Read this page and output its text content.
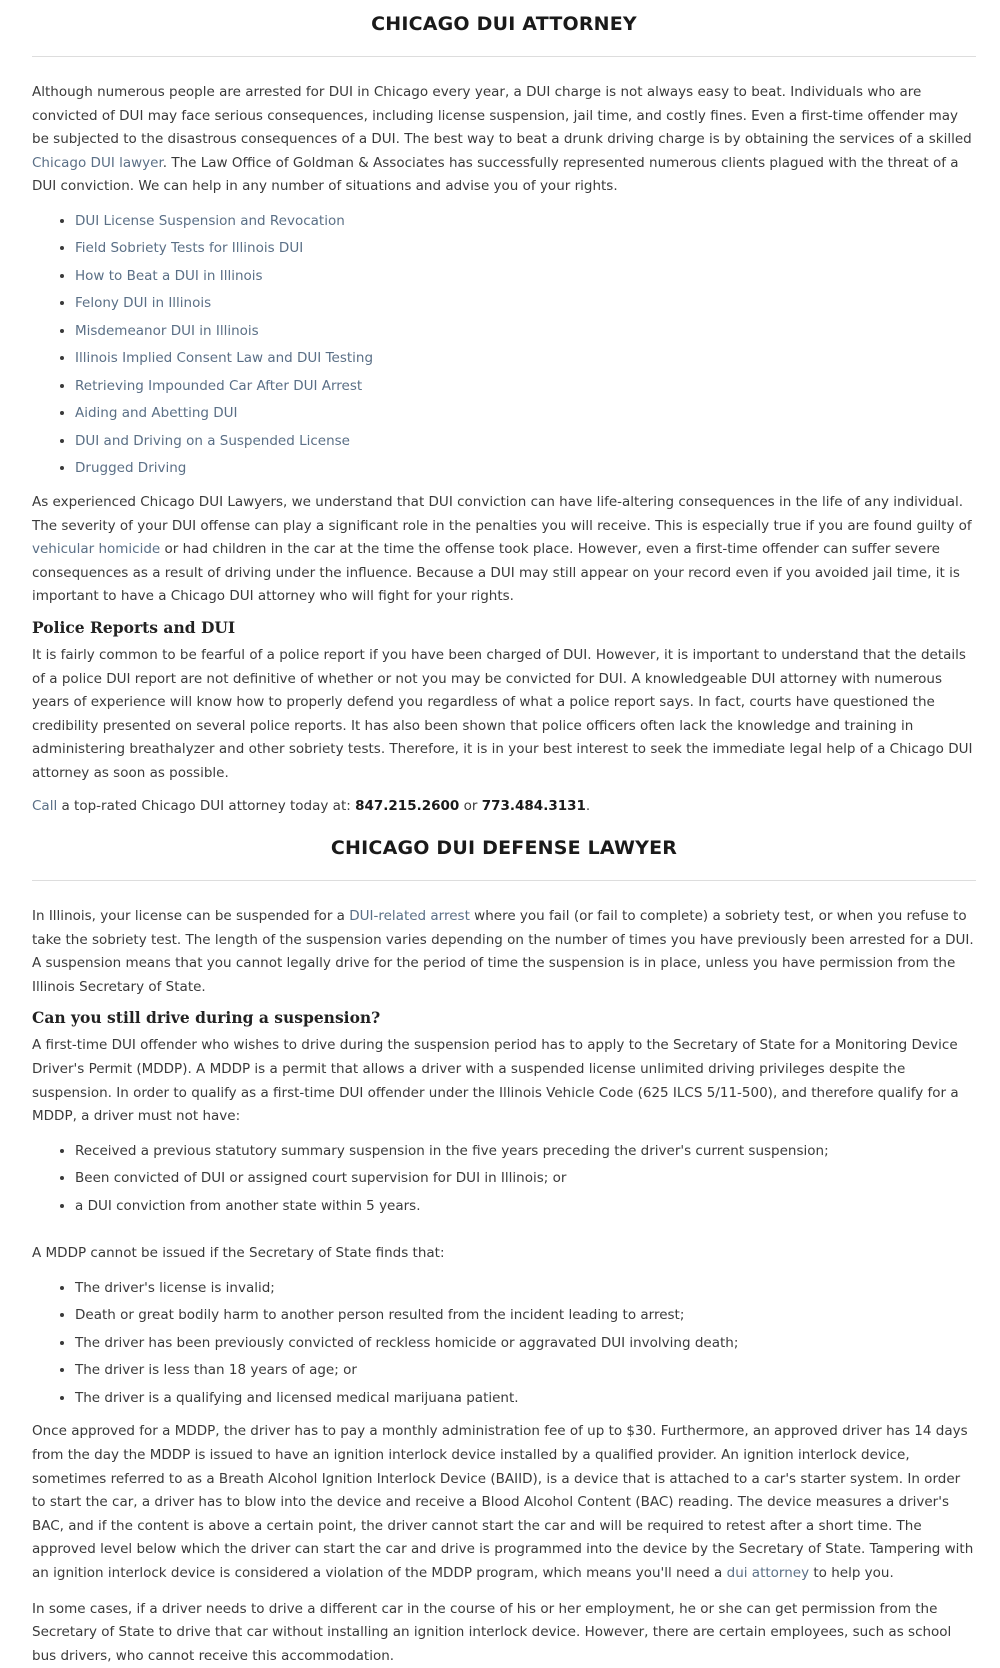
CHICAGO DUI ATTORNEY

Although numerous people are arrested for DUI in Chicago every year, a DUI charge is not always easy to beat. Individuals who are convicted of DUI may face serious consequences, including license suspension, jail time, and costly fines. Even a first-time offender may be subjected to the disastrous consequences of a DUI. The best way to beat a drunk driving charge is by obtaining the services of a skilled Chicago DUI lawyer. The Law Office of Goldman & Associates has successfully represented numerous clients plagued with the threat of a DUI conviction. We can help in any number of situations and advise you of your rights.

• DUI License Suspension and Revocation
• Field Sobriety Tests for Illinois DUI
• How to Beat a DUI in Illinois
• Felony DUI in Illinois
• Misdemeanor DUI in Illinois
• Illinois Implied Consent Law and DUI Testing
• Retrieving Impounded Car After DUI Arrest
• Aiding and Abetting DUI
• DUI and Driving on a Suspended License
• Drugged Driving

As experienced Chicago DUI Lawyers, we understand that DUI conviction can have life-altering consequences in the life of any individual. The severity of your DUI offense can play a significant role in the penalties you will receive. This is especially true if you are found guilty of vehicular homicide or had children in the car at the time the offense took place. However, even a first-time offender can suffer severe consequences as a result of driving under the influence. Because a DUI may still appear on your record even if you avoided jail time, it is important to have a Chicago DUI attorney who will fight for your rights.

Police Reports and DUI

It is fairly common to be fearful of a police report if you have been charged of DUI. However, it is important to understand that the details of a police DUI report are not definitive of whether or not you may be convicted for DUI. A knowledgeable DUI attorney with numerous years of experience will know how to properly defend you regardless of what a police report says. In fact, courts have questioned the credibility presented on several police reports. It has also been shown that police officers often lack the knowledge and training in administering breathalyzer and other sobriety tests. Therefore, it is in your best interest to seek the immediate legal help of a Chicago DUI attorney as soon as possible.

Call a top-rated Chicago DUI attorney today at: 847.215.2600 or 773.484.3131.

CHICAGO DUI DEFENSE LAWYER

In Illinois, your license can be suspended for a DUI-related arrest where you fail (or fail to complete) a sobriety test, or when you refuse to take the sobriety test. The length of the suspension varies depending on the number of times you have previously been arrested for a DUI. A suspension means that you cannot legally drive for the period of time the suspension is in place, unless you have permission from the Illinois Secretary of State.

Can you still drive during a suspension?

A first-time DUI offender who wishes to drive during the suspension period has to apply to the Secretary of State for a Monitoring Device Driver's Permit (MDDP). A MDDP is a permit that allows a driver with a suspended license unlimited driving privileges despite the suspension. In order to qualify as a first-time DUI offender under the Illinois Vehicle Code (625 ILCS 5/11-500), and therefore qualify for a MDDP, a driver must not have:

• Received a previous statutory summary suspension in the five years preceding the driver's current suspension;
• Been convicted of DUI or assigned court supervision for DUI in Illinois; or
• a DUI conviction from another state within 5 years.

A MDDP cannot be issued if the Secretary of State finds that:

• The driver's license is invalid;
• Death or great bodily harm to another person resulted from the incident leading to arrest;
• The driver has been previously convicted of reckless homicide or aggravated DUI involving death;
• The driver is less than 18 years of age; or
• The driver is a qualifying and licensed medical marijuana patient.

Once approved for a MDDP, the driver has to pay a monthly administration fee of up to $30. Furthermore, an approved driver has 14 days from the day the MDDP is issued to have an ignition interlock device installed by a qualified provider. An ignition interlock device, sometimes referred to as a Breath Alcohol Ignition Interlock Device (BAIID), is a device that is attached to a car's starter system. In order to start the car, a driver has to blow into the device and receive a Blood Alcohol Content (BAC) reading. The device measures a driver's BAC, and if the content is above a certain point, the driver cannot start the car and will be required to retest after a short time. The approved level below which the driver can start the car and drive is programmed into the device by the Secretary of State. Tampering with an ignition interlock device is considered a violation of the MDDP program, which means you'll need a dui attorney to help you.

In some cases, if a driver needs to drive a different car in the course of his or her employment, he or she can get permission from the Secretary of State to drive that car without installing an ignition interlock device. However, there are certain employees, such as school bus drivers, who cannot receive this accommodation.
